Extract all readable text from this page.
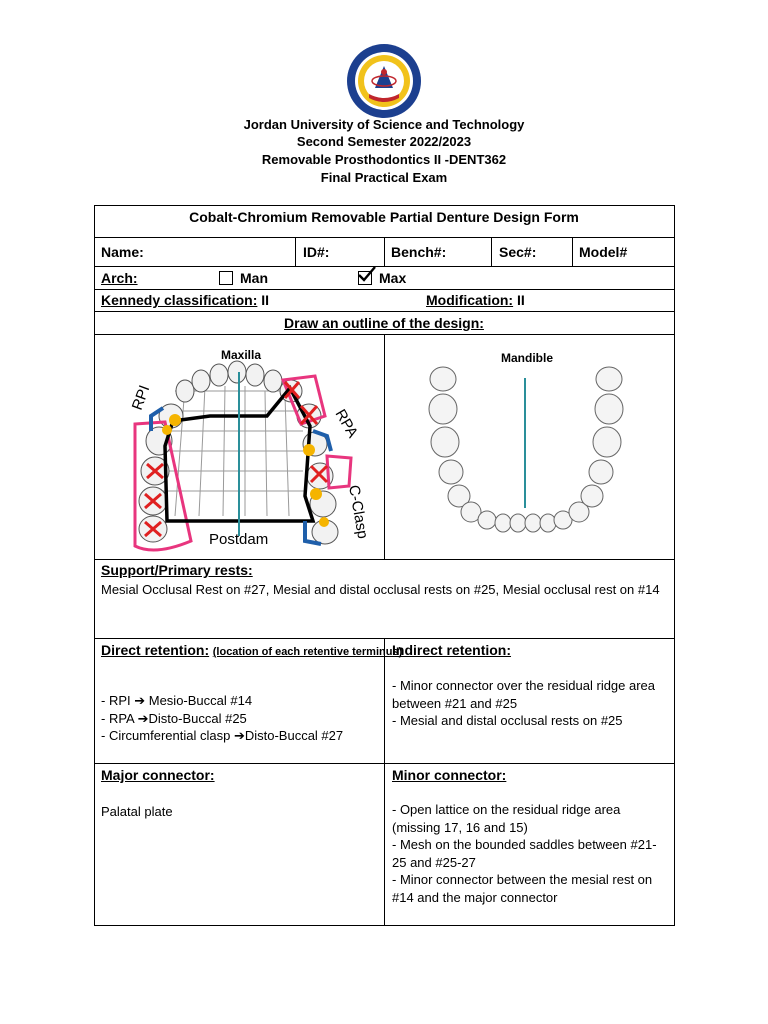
Jordan University of Science and Technology
Second Semester 2022/2023
Removable Prosthodontics II -DENT362
Final Practical Exam
Cobalt-Chromium Removable Partial Denture Design Form
Name:	ID#:	Bench#:	Sec#:	Model#
Arch:	Man	Max
Kennedy classification: II	Modification: II
Draw an outline of the design:
Maxilla
RPI
RPA
C-Clasp
Postdam
Mandible
Support/Primary rests:
Mesial Occlusal Rest on #27, Mesial and distal occlusal rests on #25, Mesial occlusal rest on #14
Direct retention: (location of each retentive terminus)
- RPI ➔ Mesio-Buccal #14
- RPA ➔Disto-Buccal #25
- Circumferential clasp ➔Disto-Buccal #27
Indirect retention:
- Minor connector over the residual ridge area between #21 and #25
- Mesial and distal occlusal rests on #25
Major connector:
Palatal plate
Minor connector:
- Open lattice on the residual ridge area (missing 17, 16 and 15)
- Mesh on the bounded saddles between #21-25 and #25-27
- Minor connector between the mesial rest on #14 and the major connector
